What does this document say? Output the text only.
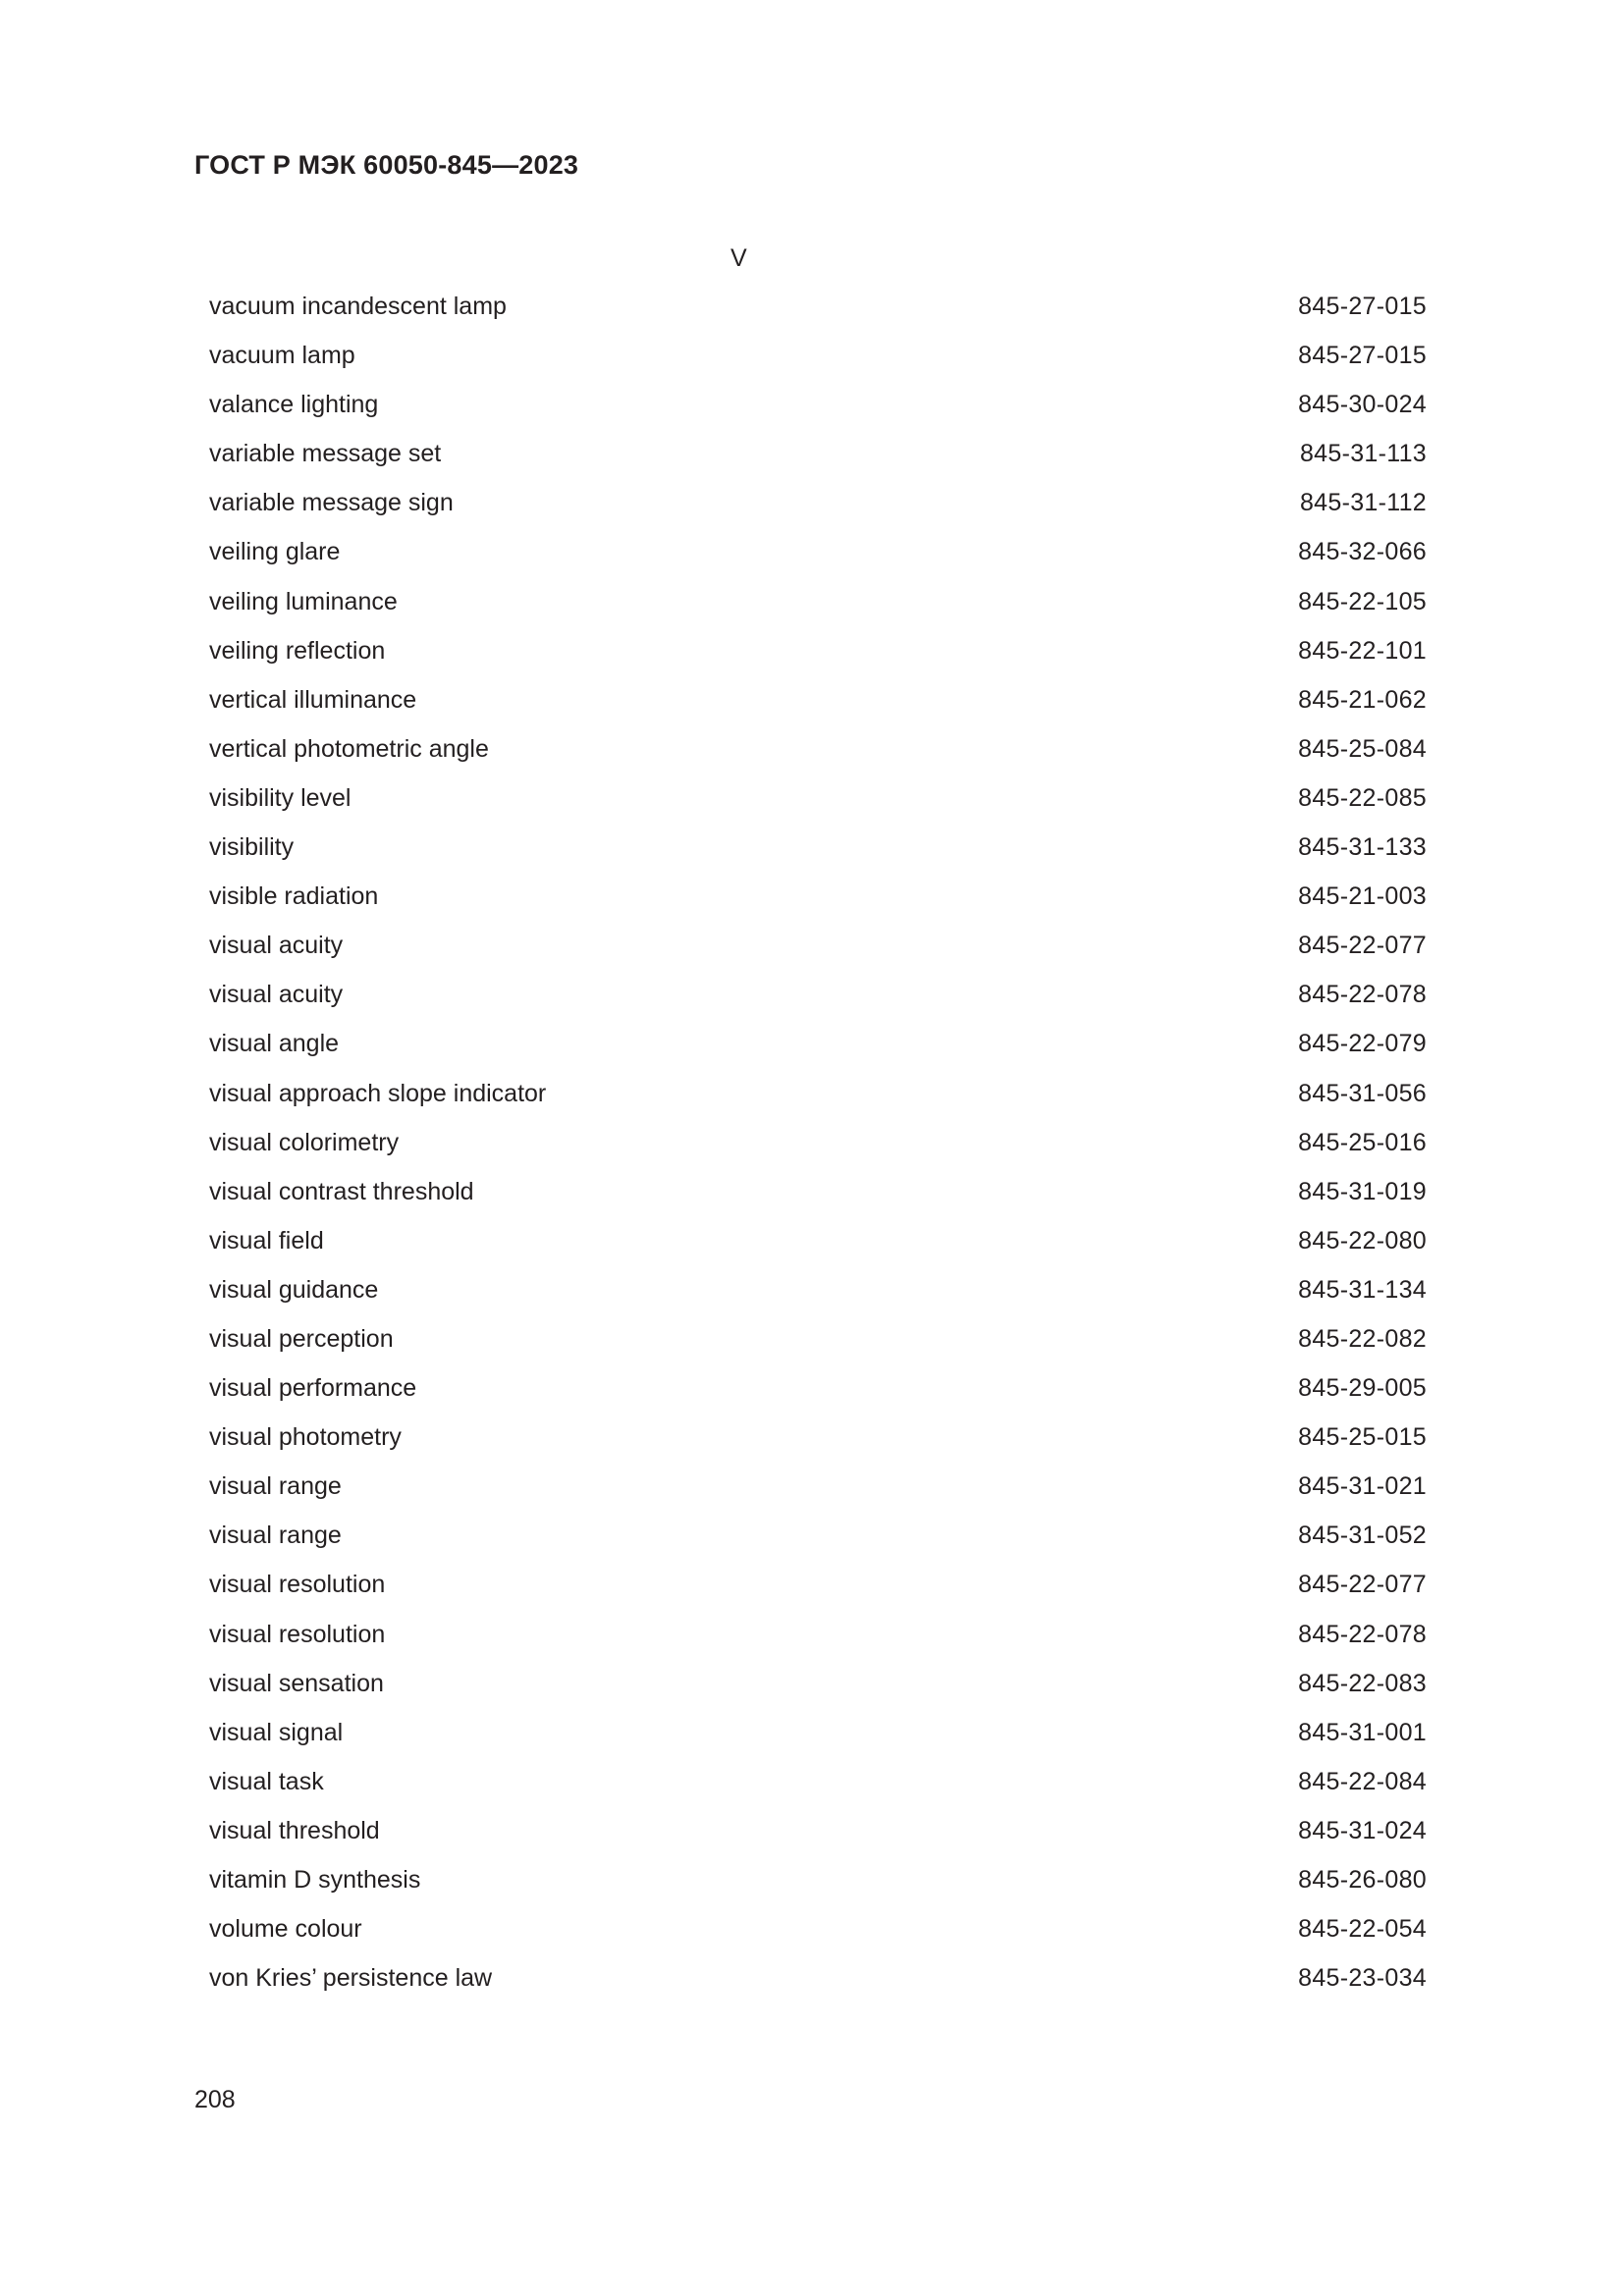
ГОСТ Р МЭК 60050-845—2023
V
vacuum incandescent lamp	845-27-015
vacuum lamp	845-27-015
valance lighting	845-30-024
variable message set	845-31-113
variable message sign	845-31-112
veiling glare	845-32-066
veiling luminance	845-22-105
veiling reflection	845-22-101
vertical illuminance	845-21-062
vertical photometric angle	845-25-084
visibility level	845-22-085
visibility	845-31-133
visible radiation	845-21-003
visual acuity	845-22-077
visual acuity	845-22-078
visual angle	845-22-079
visual approach slope indicator	845-31-056
visual colorimetry	845-25-016
visual contrast threshold	845-31-019
visual field	845-22-080
visual guidance	845-31-134
visual perception	845-22-082
visual performance	845-29-005
visual photometry	845-25-015
visual range	845-31-021
visual range	845-31-052
visual resolution	845-22-077
visual resolution	845-22-078
visual sensation	845-22-083
visual signal	845-31-001
visual task	845-22-084
visual threshold	845-31-024
vitamin D synthesis	845-26-080
volume colour	845-22-054
von Kries’ persistence law	845-23-034
208
